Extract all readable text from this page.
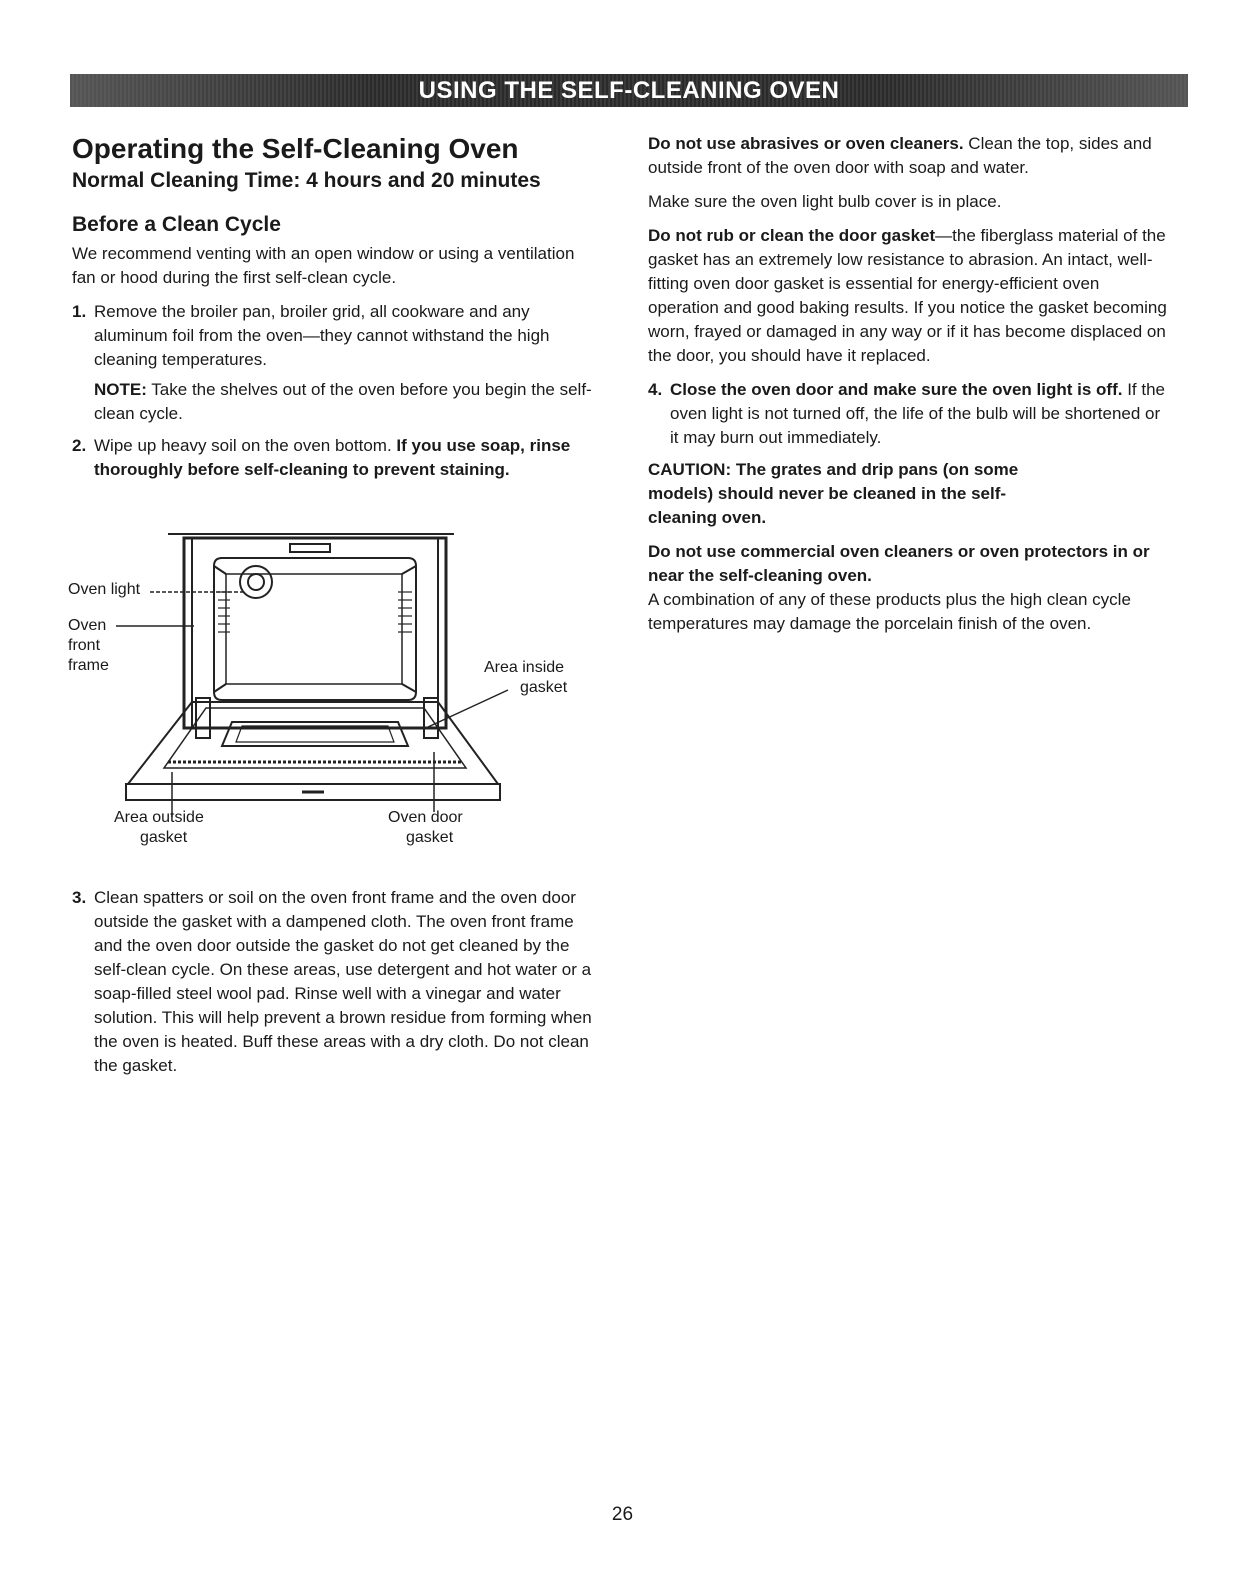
USING THE SELF-CLEANING OVEN
Operating the Self-Cleaning Oven
Normal Cleaning Time: 4 hours and 20 minutes
Before a Clean Cycle

We recommend venting with an open window or using a ventilation fan or hood during the first self-clean cycle.

1. Remove the broiler pan, broiler grid, all cookware and any aluminum foil from the oven—they cannot withstand the high cleaning temperatures.
NOTE: Take the shelves out of the oven before you begin the self-clean cycle.
2. Wipe up heavy soil on the oven bottom. If you use soap, rinse thoroughly before self-cleaning to prevent staining.
Oven light
Oven
front
frame	Area inside
gasket
Area outside
gasket
Oven door
gasket
3. Clean spatters or soil on the oven front frame and the oven door outside the gasket with a dampened cloth. The oven front frame and the oven door outside the gasket do not get cleaned by the self-clean cycle. On these areas, use detergent and hot water or a soap-filled steel wool pad. Rinse well with a vinegar and water solution. This will help prevent a brown residue from forming when the oven is heated. Buff these areas with a dry cloth. Do not clean the gasket.

Do not use abrasives or oven cleaners. Clean the top, sides and outside front of the oven door with soap and water.

Make sure the oven light bulb cover is in place.

Do not rub or clean the door gasket—the fiberglass material of the gasket has an extremely low resistance to abrasion. An intact, well-fitting oven door gasket is essential for energy-efficient oven operation and good baking results. If you notice the gasket becoming worn, frayed or damaged in any way or if it has become displaced on the door, you should have it replaced.

4. Close the oven door and make sure the oven light is off. If the oven light is not turned off, the life of the bulb will be shortened or it may burn out immediately.

CAUTION: The grates and drip pans (on some models) should never be cleaned in the self-cleaning oven.

Do not use commercial oven cleaners or oven protectors in or near the self-cleaning oven.
A combination of any of these products plus the high clean cycle temperatures may damage the porcelain finish of the oven.

26
